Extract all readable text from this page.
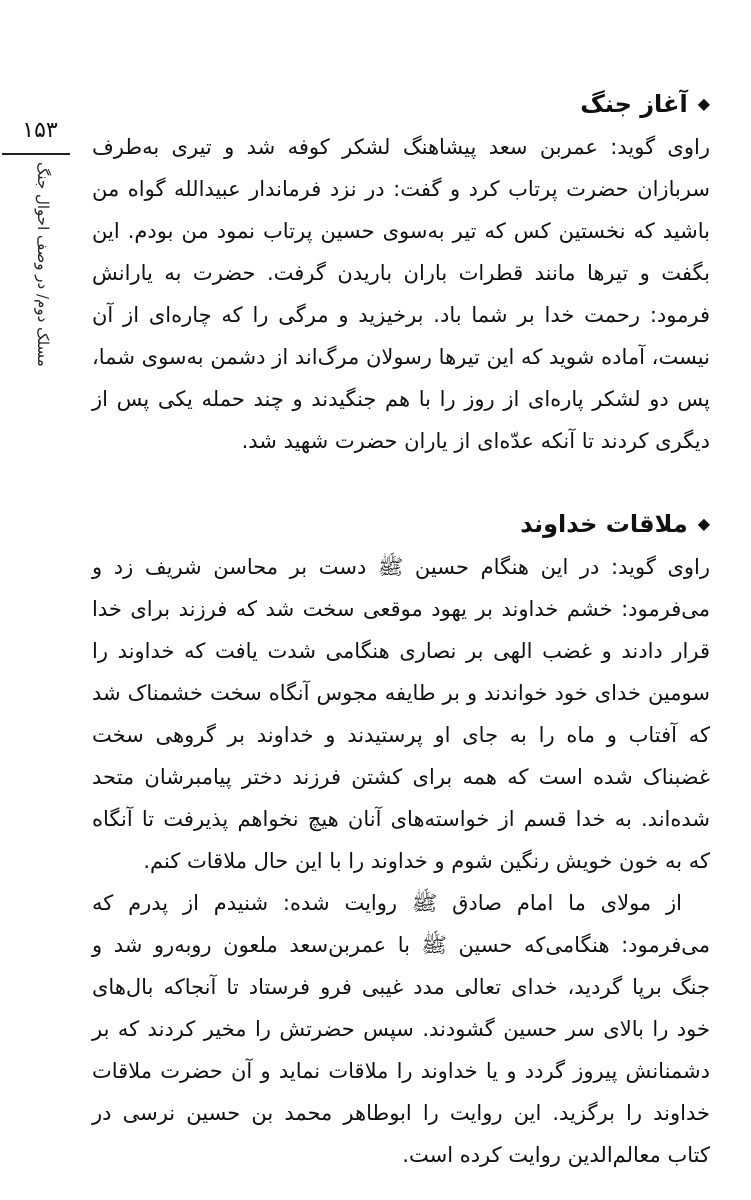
۱۵۳
مسلک دوم/ در وصف احوال جنگ
◆
آغاز جنگ

راوی گوید: عمربن سعد پیشاهنگ لشکر کوفه شد و تیری به‌طرف سربازان حضرت پرتاب کرد و گفت: در نزد فرماندار عبیدالله گواه من باشید که نخستین کس که تیر به‌سوی حسین پرتاب نمود من بودم. این بگفت و تیرها مانند قطرات باران باریدن گرفت. حضرت به یارانش فرمود: رحمت خدا بر شما باد. برخیزید و مرگی را که چاره‌ای از آن نیست، آماده شوید که این تیرها رسولان مرگ‌اند از دشمن به‌سوی شما، پس دو لشکر پاره‌ای از روز را با هم جنگیدند و چند حمله یکی پس از دیگری کردند تا آنکه عدّه‌ای از یاران حضرت شهید شد.

◆
ملاقات خداوند

راوی گوید: در این هنگام حسین ﷺ دست بر محاسن شریف زد و می‌فرمود: خشم خداوند بر یهود موقعی سخت شد که فرزند برای خدا قرار دادند و غضب الهی بر نصاری هنگامی شدت یافت که خداوند را سومین خدای خود خواندند و بر طایفه مجوس آنگاه سخت خشمناک شد که آفتاب و ماه را به جای او پرستیدند و خداوند بر گروهی سخت غضبناک شده است که همه برای کشتن فرزند دختر پیامبرشان متحد شده‌اند. به خدا قسم از خواسته‌های آنان هیچ نخواهم پذیرفت تا آنگاه که به خون خویش رنگین شوم و خداوند را با این حال ملاقات کنم.

از مولای ما امام صادق ﷺ روایت شده: شنیدم از پدرم که می‌فرمود: هنگامی‌که حسین ﷺ با عمربن‌سعد ملعون روبه‌رو شد و جنگ برپا گردید، خدای تعالی مدد غیبی فرو فرستاد تا آنجاکه بال‌های خود را بالای سر حسین گشودند. سپس حضرتش را مخیر کردند که بر دشمنانش پیروز گردد و یا خداوند را ملاقات نماید و آن حضرت ملاقات خداوند را برگزید. این روایت را ابوطاهر محمد بن حسین نرسی در کتاب معالم‌الدین روایت کرده است.
